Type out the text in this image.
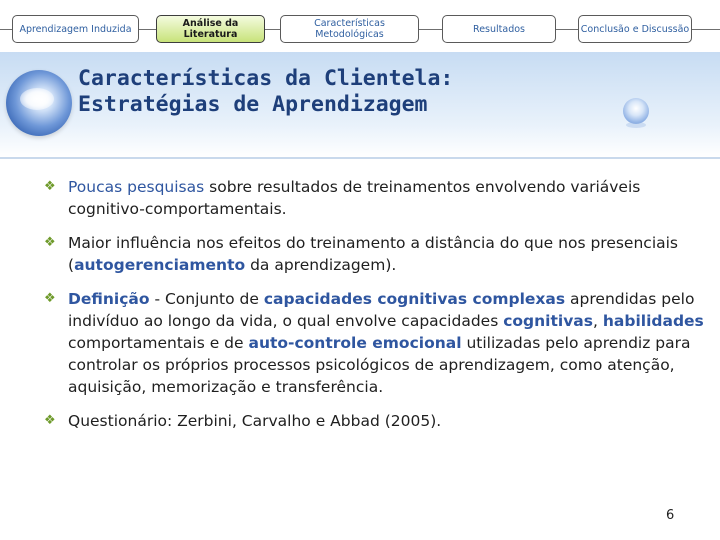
Aprendizagem Induzida	Análise da Literatura
Características Metodológicas	Resultados	Conclusão e Discussão
Características da Clientela:
Estratégias de Aprendizagem
❖ Poucas pesquisas sobre resultados de treinamentos envolvendo variáveis cognitivo-comportamentais.
❖ Maior influência nos efeitos do treinamento a distância do que nos presenciais (autogerenciamento da aprendizagem).
❖ Definição - Conjunto de capacidades cognitivas complexas aprendidas pelo indivíduo ao longo da vida, o qual envolve capacidades cognitivas, habilidades comportamentais e de auto-controle emocional utilizadas pelo aprendiz para controlar os próprios processos psicológicos de aprendizagem, como atenção, aquisição, memorização e transferência.
❖ Questionário: Zerbini, Carvalho e Abbad (2005).
6
